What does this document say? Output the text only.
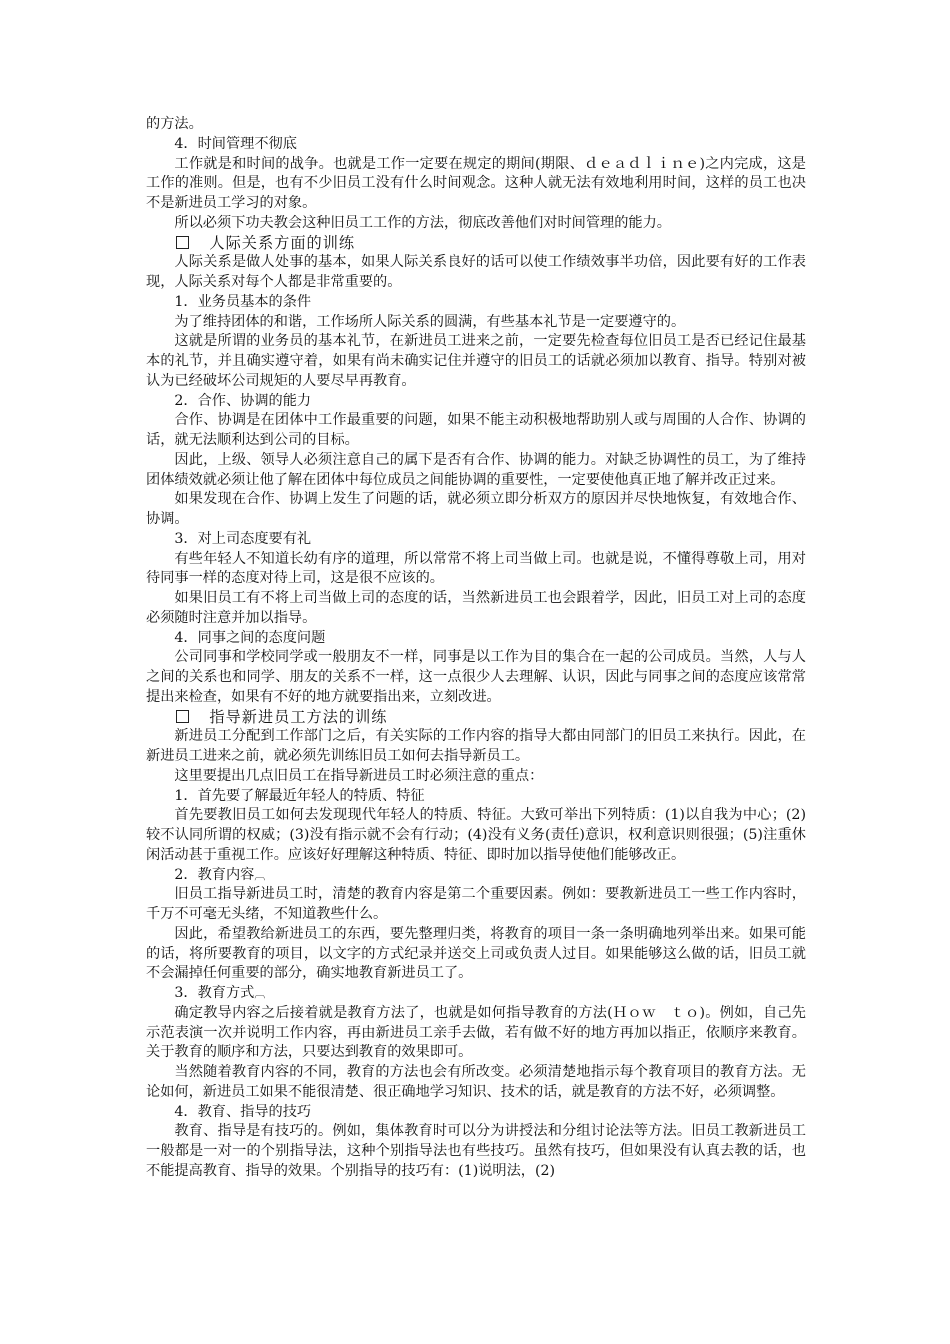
的方法。

4．时间管理不彻底

工作就是和时间的战争。也就是工作一定要在规定的期间(期限、ｄｅａｄｌｉｎｅ)之内完成，这是工作的准则。但是，也有不少旧员工没有什么时间观念。这种人就无法有效地利用时间，这样的员工也决不是新进员工学习的对象。

所以必须下功夫教会这种旧员工工作的方法，彻底改善他们对时间管理的能力。

人际关系方面的训练

人际关系是做人处事的基本，如果人际关系良好的话可以使工作绩效事半功倍，因此要有好的工作表现，人际关系对每个人都是非常重要的。

1．业务员基本的条件

为了维持团体的和谐，工作场所人际关系的圆满，有些基本礼节是一定要遵守的。

这就是所谓的业务员的基本礼节，在新进员工进来之前，一定要先检查每位旧员工是否已经记住最基本的礼节，并且确实遵守着，如果有尚未确实记住并遵守的旧员工的话就必须加以教育、指导。特别对被认为已经破坏公司规矩的人要尽早再教育。

2．合作、协调的能力

合作、协调是在团体中工作最重要的问题，如果不能主动积极地帮助别人或与周围的人合作、协调的话，就无法顺利达到公司的目标。

因此，上级、领导人必须注意自己的属下是否有合作、协调的能力。对缺乏协调性的员工，为了维持团体绩效就必须让他了解在团体中每位成员之间能协调的重要性，一定要使他真正地了解并改正过来。

如果发现在合作、协调上发生了问题的话，就必须立即分析双方的原因并尽快地恢复，有效地合作、协调。

3．对上司态度要有礼

有些年轻人不知道长幼有序的道理，所以常常不将上司当做上司。也就是说，不懂得尊敬上司，用对待同事一样的态度对待上司，这是很不应该的。

如果旧员工有不将上司当做上司的态度的话，当然新进员工也会跟着学，因此，旧员工对上司的态度必须随时注意并加以指导。

4．同事之间的态度问题

公司同事和学校同学或一般朋友不一样，同事是以工作为目的集合在一起的公司成员。当然，人与人之间的关系也和同学、朋友的关系不一样，这一点很少人去理解、认识，因此与同事之间的态度应该常常提出来检查，如果有不好的地方就要指出来，立刻改进。

指导新进员工方法的训练

新进员工分配到工作部门之后，有关实际的工作内容的指导大都由同部门的旧员工来执行。因此，在新进员工进来之前，就必须先训练旧员工如何去指导新员工。

这里要提出几点旧员工在指导新进员工时必须注意的重点：

1．首先要了解最近年轻人的特质、特征

首先要教旧员工如何去发现现代年轻人的特质、特征。大致可举出下列特质：(1)以自我为中心；(2)较不认同所谓的权威；(3)没有指示就不会有行动；(4)没有义务(责任)意识，权利意识则很强；(5)注重休闲活动甚于重视工作。应该好好理解这种特质、特征、即时加以指导使他们能够改正。

2．教育内容︹

旧员工指导新进员工时，清楚的教育内容是第二个重要因素。例如：要教新进员工一些工作内容时，千万不可毫无头绪，不知道教些什么。

因此，希望教给新进员工的东西，要先整理归类，将教育的项目一条一条明确地列举出来。如果可能的话，将所要教育的项目，以文字的方式纪录并送交上司或负责人过目。如果能够这么做的话，旧员工就不会漏掉任何重要的部分，确实地教育新进员工了。

3．教育方式︹

确定教导内容之后接着就是教育方法了，也就是如何指导教育的方法(Ｈｏｗ　ｔｏ)。例如，自己先示范表演一次并说明工作内容，再由新进员工亲手去做，若有做不好的地方再加以指正，依顺序来教育。关于教育的顺序和方法，只要达到教育的效果即可。

当然随着教育内容的不同，教育的方法也会有所改变。必须清楚地指示每个教育项目的教育方法。无论如何，新进员工如果不能很清楚、很正确地学习知识、技术的话，就是教育的方法不好，必须调整。

4．教育、指导的技巧

教育、指导是有技巧的。例如，集体教育时可以分为讲授法和分组讨论法等方法。旧员工教新进员工一般都是一对一的个别指导法，这种个别指导法也有些技巧。虽然有技巧，但如果没有认真去教的话，也不能提高教育、指导的效果。个别指导的技巧有：(1)说明法，(2)
